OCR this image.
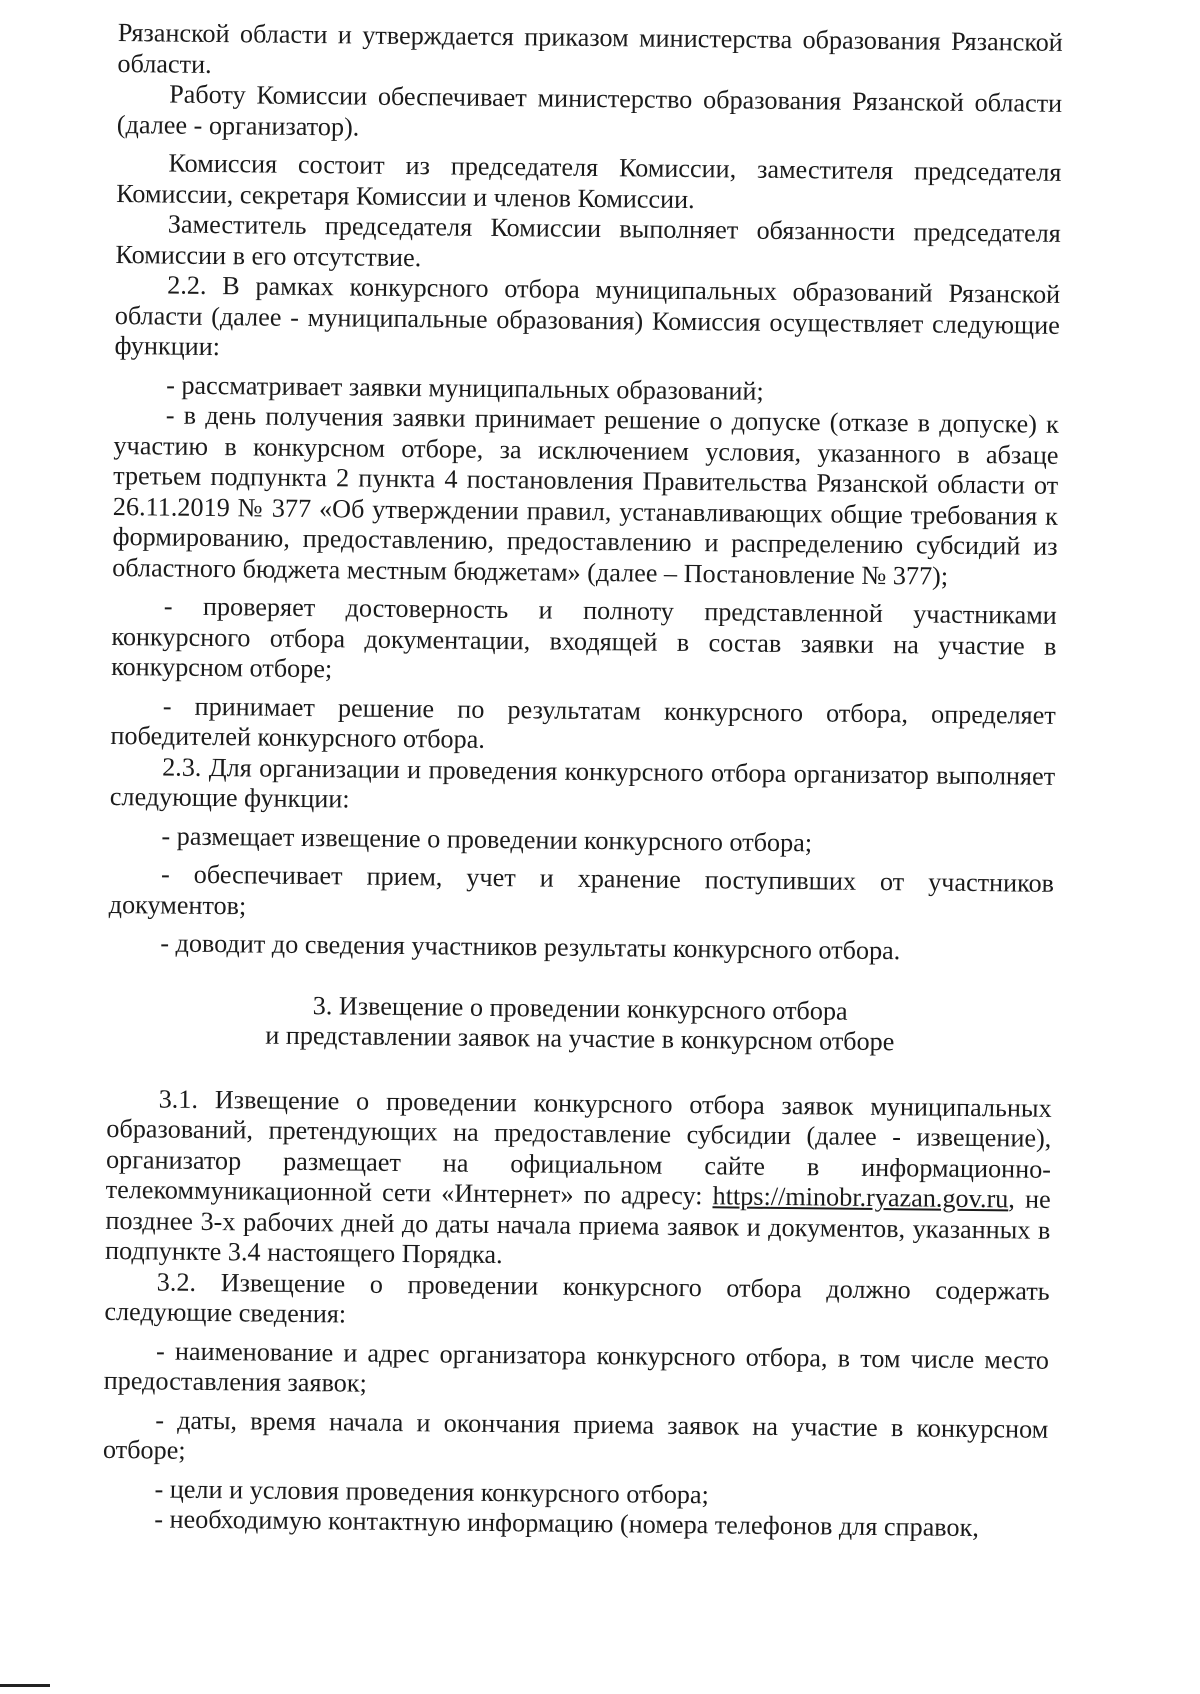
Рязанской области и утверждается приказом министерства образования Рязанской области.

Работу Комиссии обеспечивает министерство образования Рязанской области (далее - организатор).

Комиссия состоит из председателя Комиссии, заместителя председателя Комиссии, секретаря Комиссии и членов Комиссии.

Заместитель председателя Комиссии выполняет обязанности председателя Комиссии в его отсутствие.

2.2. В рамках конкурсного отбора муниципальных образований Рязанской области (далее - муниципальные образования) Комиссия осуществляет следующие функции:

- рассматривает заявки муниципальных образований;

- в день получения заявки принимает решение о допуске (отказе в допуске) к участию в конкурсном отборе, за исключением условия, указанного в абзаце третьем подпункта 2 пункта 4 постановления Правительства Рязанской области от 26.11.2019 № 377 «Об утверждении правил, устанавливающих общие требования к формированию, предоставлению, предоставлению и распределению субсидий из областного бюджета местным бюджетам» (далее – Постановление № 377);

- проверяет достоверность и полноту представленной участниками конкурсного отбора документации, входящей в состав заявки на участие в конкурсном отборе;

- принимает решение по результатам конкурсного отбора, определяет победителей конкурсного отбора.

2.3. Для организации и проведения конкурсного отбора организатор выполняет следующие функции:

- размещает извещение о проведении конкурсного отбора;

- обеспечивает прием, учет и хранение поступивших от участников документов;

- доводит до сведения участников результаты конкурсного отбора.

3. Извещение о проведении конкурсного отбора
и представлении заявок на участие в конкурсном отборе

3.1. Извещение о проведении конкурсного отбора заявок муниципальных образований, претендующих на предоставление субсидии (далее - извещение), организатор размещает на официальном сайте в информационно-телекоммуникационной сети «Интернет» по адресу: https://minobr.ryazan.gov.ru, не позднее 3-х рабочих дней до даты начала приема заявок и документов, указанных в подпункте 3.4 настоящего Порядка.

3.2. Извещение о проведении конкурсного отбора должно содержать следующие сведения:

- наименование и адрес организатора конкурсного отбора, в том числе место предоставления заявок;

- даты, время начала и окончания приема заявок на участие в конкурсном отборе;

- цели и условия проведения конкурсного отбора;

- необходимую контактную информацию (номера телефонов для справок,
